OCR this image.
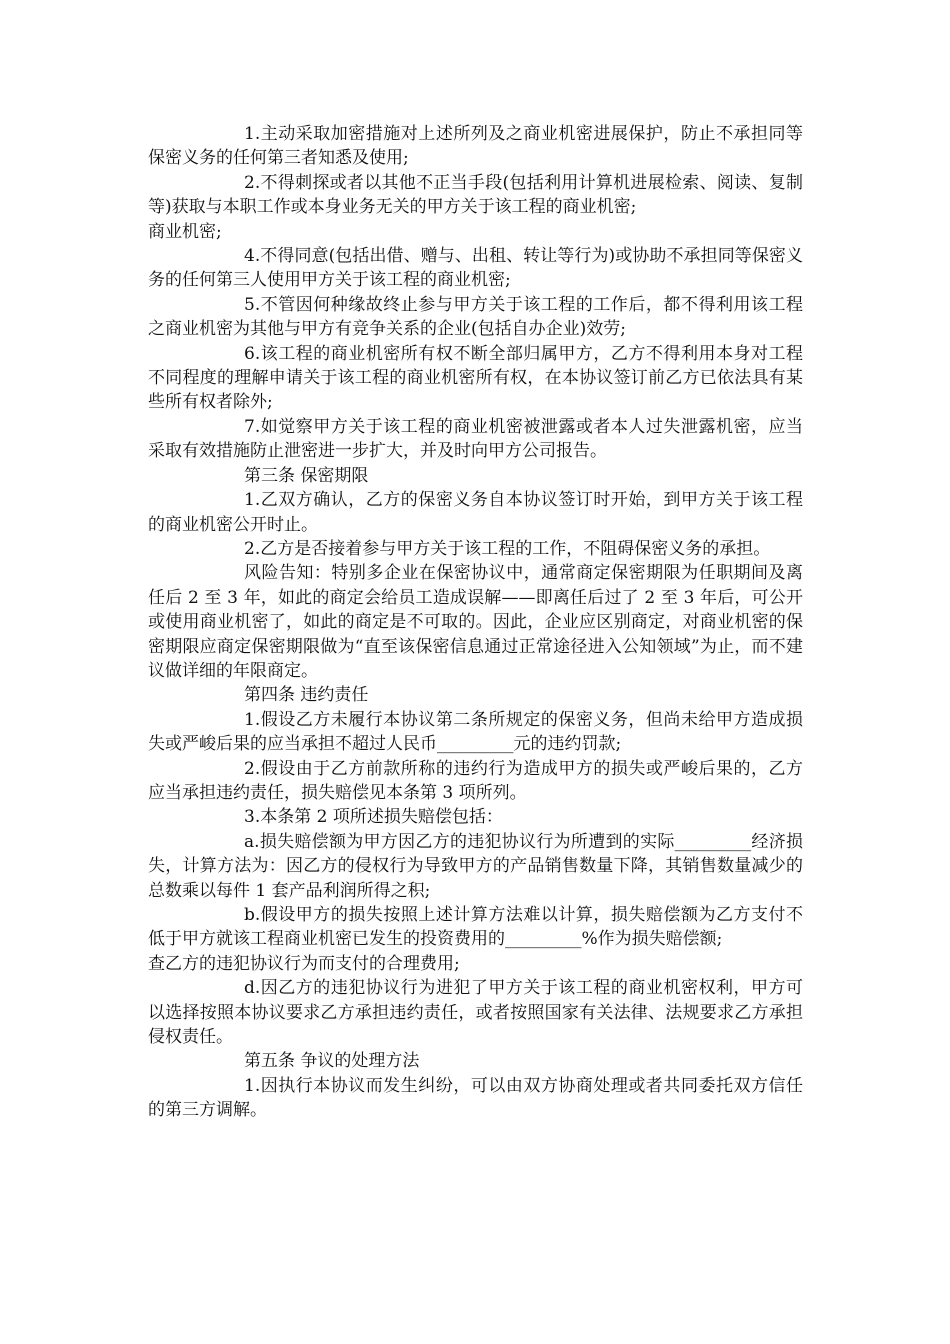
1.主动采取加密措施对上述所列及之商业机密进展保护，防止不承担同等保密义务的任何第三者知悉及使用;

2.不得刺探或者以其他不正当手段(包括利用计算机进展检索、阅读、复制等)获取与本职工作或本身业务无关的甲方关于该工程的商业机密;

商业机密;

4.不得同意(包括出借、赠与、出租、转让等行为)或协助不承担同等保密义务的任何第三人使用甲方关于该工程的商业机密;

5.不管因何种缘故终止参与甲方关于该工程的工作后，都不得利用该工程之商业机密为其他与甲方有竞争关系的企业(包括自办企业)效劳;

6.该工程的商业机密所有权不断全部归属甲方，乙方不得利用本身对工程不同程度的理解申请关于该工程的商业机密所有权，在本协议签订前乙方已依法具有某些所有权者除外;

7.如觉察甲方关于该工程的商业机密被泄露或者本人过失泄露机密，应当采取有效措施防止泄密进一步扩大，并及时向甲方公司报告。

第三条 保密期限

1.乙双方确认，乙方的保密义务自本协议签订时开始，到甲方关于该工程的商业机密公开时止。

2.乙方是否接着参与甲方关于该工程的工作，不阻碍保密义务的承担。

风险告知：特别多企业在保密协议中，通常商定保密期限为任职期间及离任后 2 至 3 年，如此的商定会给员工造成误解——即离任后过了 2 至 3 年后，可公开或使用商业机密了，如此的商定是不可取的。因此，企业应区别商定，对商业机密的保密期限应商定保密期限做为“直至该保密信息通过正常途径进入公知领域”为止，而不建议做详细的年限商定。

第四条 违约责任

1.假设乙方未履行本协议第二条所规定的保密义务，但尚未给甲方造成损失或严峻后果的应当承担不超过人民币_________元的违约罚款;

2.假设由于乙方前款所称的违约行为造成甲方的损失或严峻后果的，乙方应当承担违约责任，损失赔偿见本条第 3 项所列。

3.本条第 2 项所述损失赔偿包括：

a.损失赔偿额为甲方因乙方的违犯协议行为所遭到的实际_________经济损失，计算方法为：因乙方的侵权行为导致甲方的产品销售数量下降，其销售数量减少的总数乘以每件 1 套产品利润所得之积;

b.假设甲方的损失按照上述计算方法难以计算，损失赔偿额为乙方支付不低于甲方就该工程商业机密已发生的投资费用的_________%作为损失赔偿额;

查乙方的违犯协议行为而支付的合理费用;

d.因乙方的违犯协议行为进犯了甲方关于该工程的商业机密权利，甲方可以选择按照本协议要求乙方承担违约责任，或者按照国家有关法律、法规要求乙方承担侵权责任。

第五条 争议的处理方法

1.因执行本协议而发生纠纷，可以由双方协商处理或者共同委托双方信任的第三方调解。
